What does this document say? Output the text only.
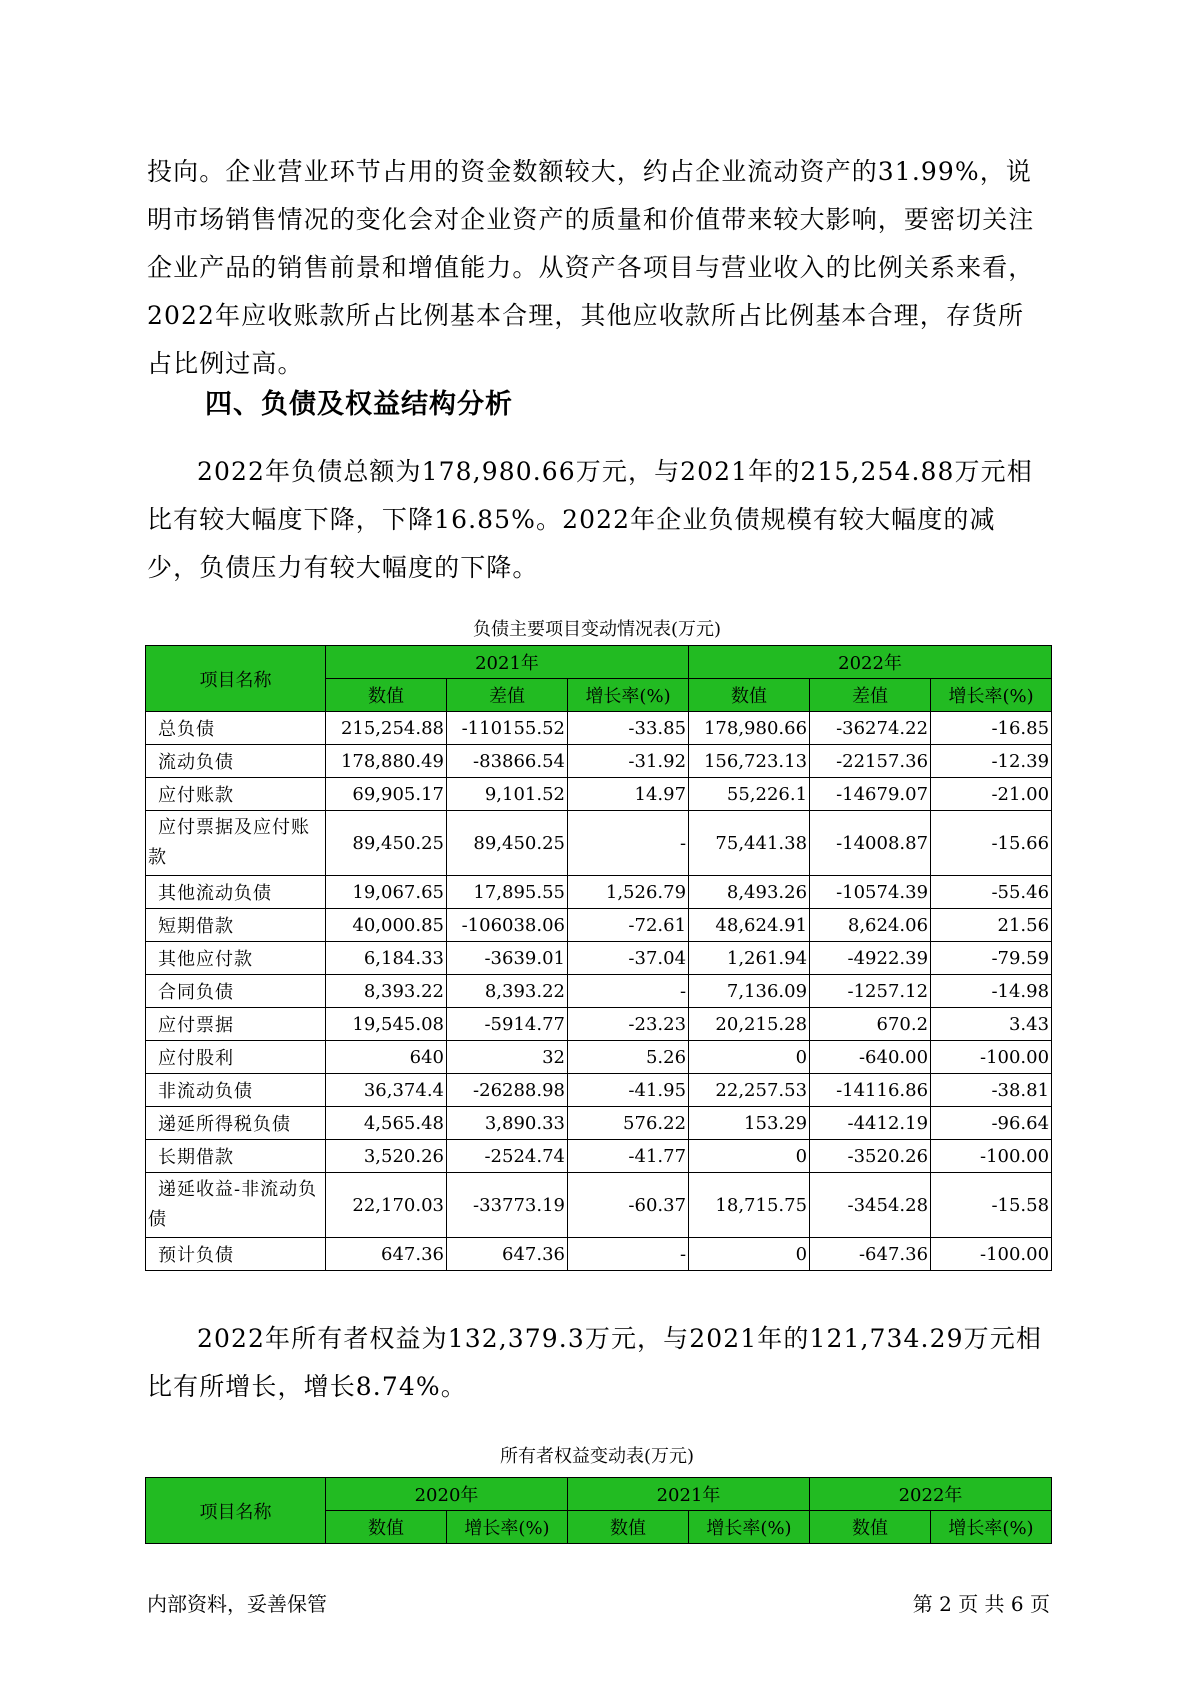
投向。企业营业环节占用的资金数额较大，约占企业流动资产的31.99%，说明市场销售情况的变化会对企业资产的质量和价值带来较大影响，要密切关注企业产品的销售前景和增值能力。从资产各项目与营业收入的比例关系来看，2022年应收账款所占比例基本合理，其他应收款所占比例基本合理，存货所占比例过高。

四、负债及权益结构分析

2022年负债总额为178,980.66万元，与2021年的215,254.88万元相比有较大幅度下降，下降16.85%。2022年企业负债规模有较大幅度的减少，负债压力有较大幅度的下降。

负债主要项目变动情况表(万元)

项目名称	2021年			2022年		
	数值	差值	增长率(%)	数值	差值	增长率(%)
总负债	215,254.88	-110155.52	-33.85	178,980.66	-36274.22	-16.85
流动负债	178,880.49	-83866.54	-31.92	156,723.13	-22157.36	-12.39
应付账款	69,905.17	9,101.52	14.97	55,226.1	-14679.07	-21.00
应付票据及应付账款	89,450.25	89,450.25	-	75,441.38	-14008.87	-15.66
其他流动负债	19,067.65	17,895.55	1,526.79	8,493.26	-10574.39	-55.46
短期借款	40,000.85	-106038.06	-72.61	48,624.91	8,624.06	21.56
其他应付款	6,184.33	-3639.01	-37.04	1,261.94	-4922.39	-79.59
合同负债	8,393.22	8,393.22	-	7,136.09	-1257.12	-14.98
应付票据	19,545.08	-5914.77	-23.23	20,215.28	670.2	3.43
应付股利	640	32	5.26	0	-640.00	-100.00
非流动负债	36,374.4	-26288.98	-41.95	22,257.53	-14116.86	-38.81
递延所得税负债	4,565.48	3,890.33	576.22	153.29	-4412.19	-96.64
长期借款	3,520.26	-2524.74	-41.77	0	-3520.26	-100.00
递延收益-非流动负债	22,170.03	-33773.19	-60.37	18,715.75	-3454.28	-15.58
预计负债	647.36	647.36	-	0	-647.36	-100.00

2022年所有者权益为132,379.3万元，与2021年的121,734.29万元相比有所增长，增长8.74%。

所有者权益变动表(万元)

项目名称	2020年		2021年		2022年	
	数值	增长率(%)	数值	增长率(%)	数值	增长率(%)

内部资料，妥善保管	第 2 页 共 6 页
